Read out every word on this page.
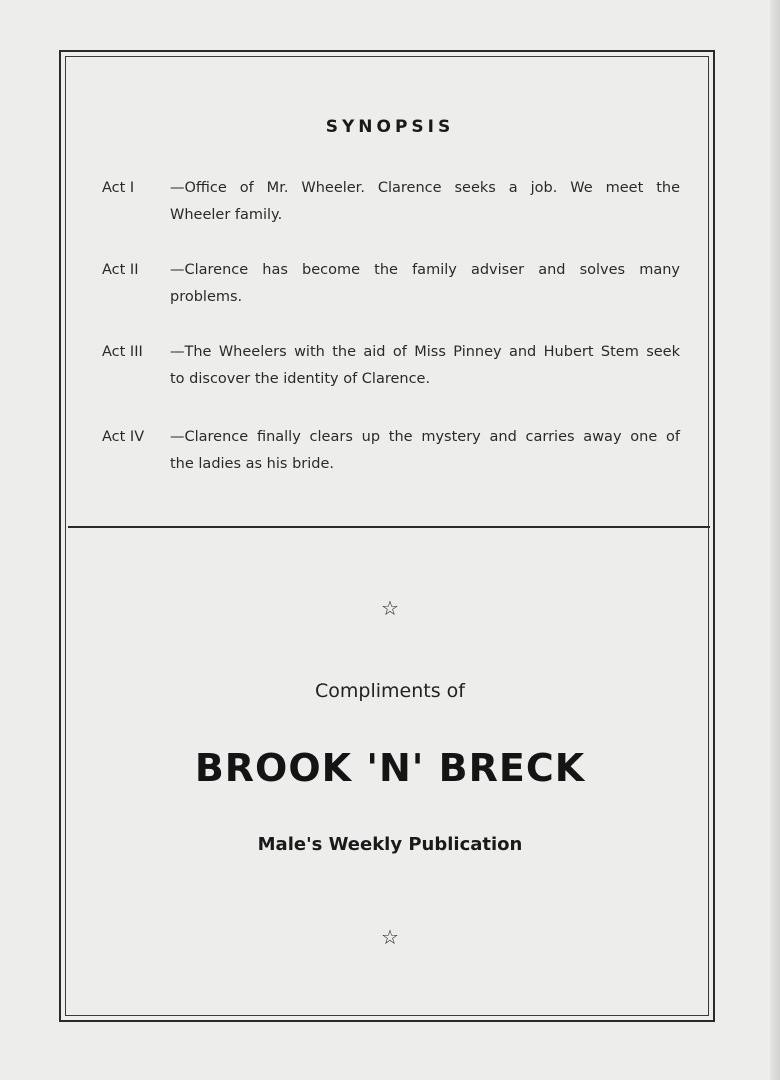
SYNOPSIS
Act I	—Office of Mr. Wheeler. Clarence seeks a job. We meet the
Wheeler family.
Act II	—Clarence has become the family adviser and solves many
problems.
Act III	—The Wheelers with the aid of Miss Pinney and Hubert Stem seek
to discover the identity of Clarence.
Act IV	—Clarence finally clears up the mystery and carries away one of
the ladies as his bride.
☆
Compliments of
BROOK 'N' BRECK
Male's Weekly Publication
☆
